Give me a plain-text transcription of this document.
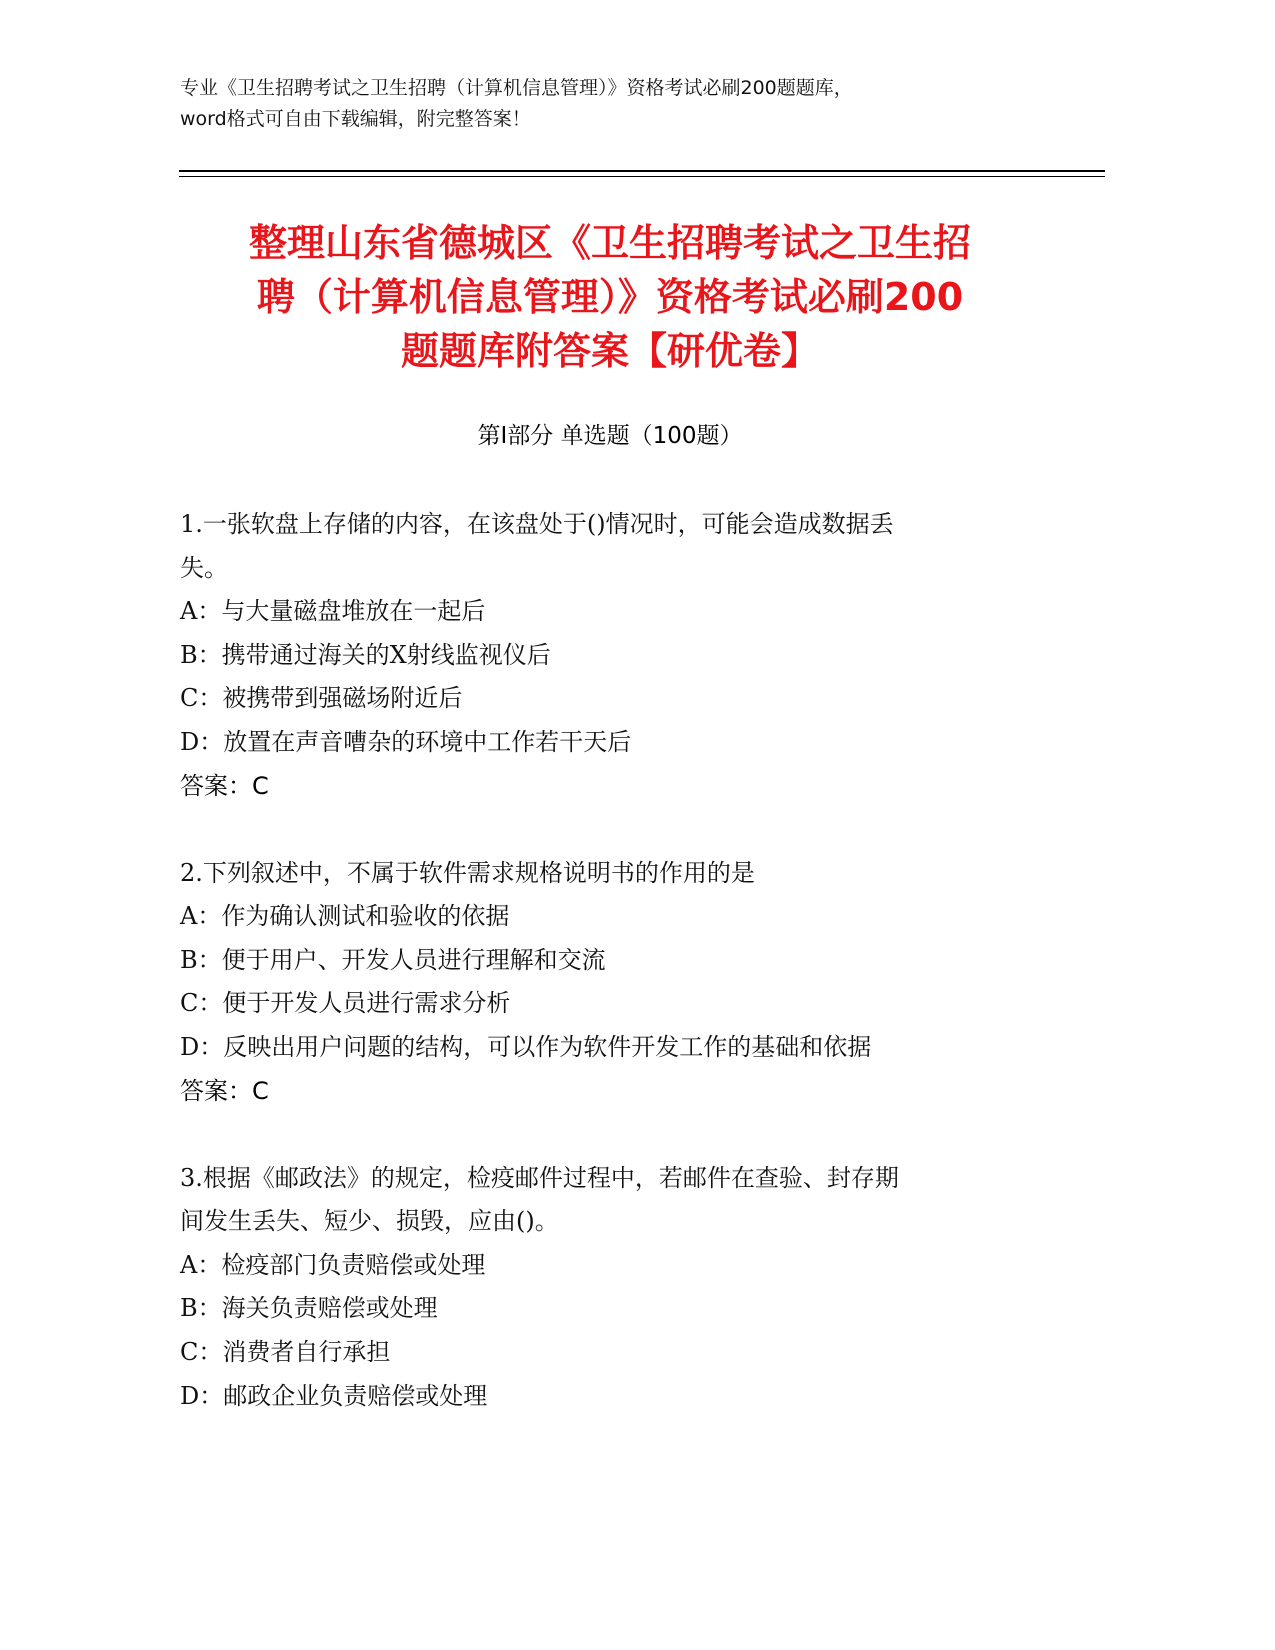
专业《卫生招聘考试之卫生招聘（计算机信息管理）》资格考试必刷200题题库，
word格式可自由下载编辑，附完整答案！
整理山东省德城区《卫生招聘考试之卫生招
聘（计算机信息管理）》资格考试必刷200
题题库附答案【研优卷】
第Ⅰ部分 单选题（100题）
1.一张软盘上存储的内容，在该盘处于()情况时，可能会造成数据丢
失。
A：与大量磁盘堆放在一起后
B：携带通过海关的X射线监视仪后
C：被携带到强磁场附近后
D：放置在声音嘈杂的环境中工作若干天后
答案：C
2.下列叙述中，不属于软件需求规格说明书的作用的是
A：作为确认测试和验收的依据
B：便于用户、开发人员进行理解和交流
C：便于开发人员进行需求分析
D：反映出用户问题的结构，可以作为软件开发工作的基础和依据
答案：C
3.根据《邮政法》的规定，检疫邮件过程中，若邮件在查验、封存期
间发生丢失、短少、损毁，应由()。
A：检疫部门负责赔偿或处理
B：海关负责赔偿或处理
C：消费者自行承担
D：邮政企业负责赔偿或处理
